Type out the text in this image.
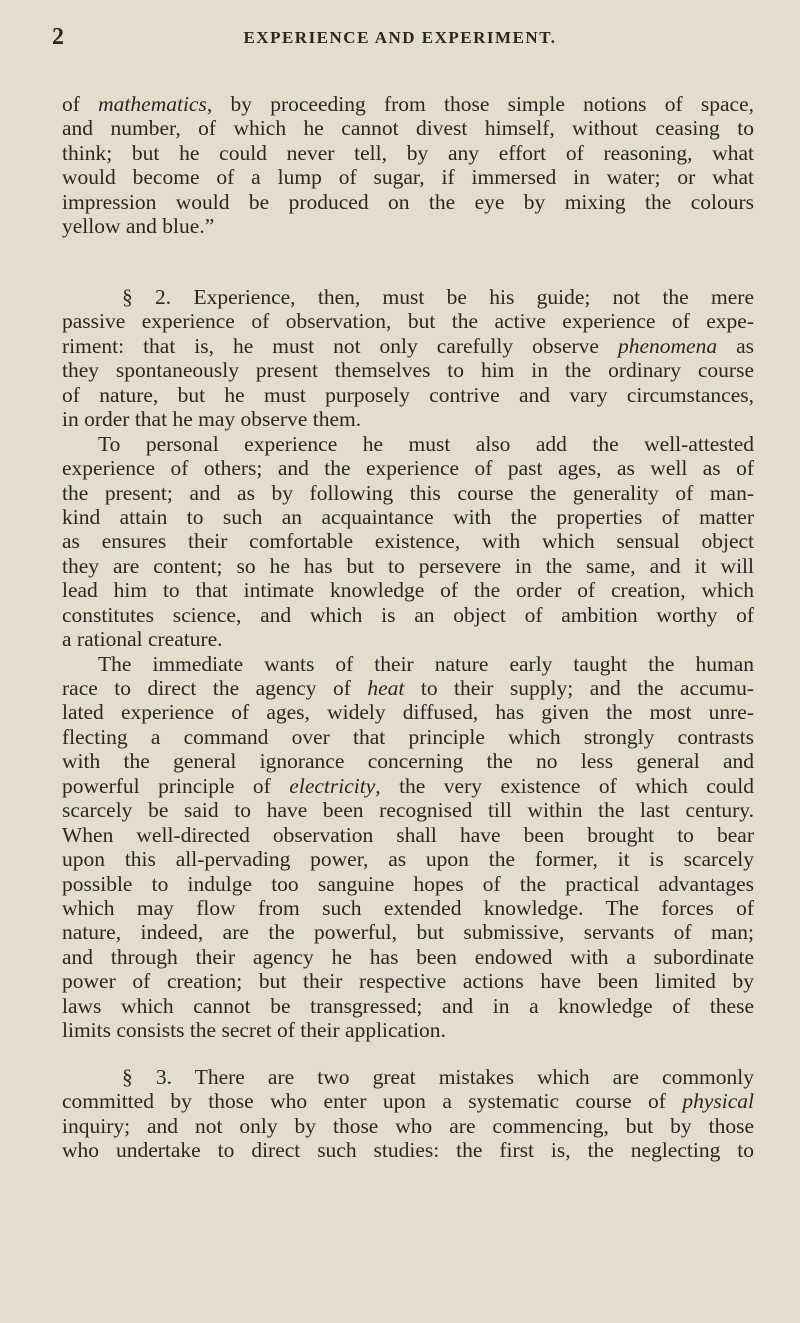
2	EXPERIENCE AND EXPERIMENT.
of mathematics, by proceeding from those simple notions of space,
and number, of which he cannot divest himself, without ceasing to
think; but he could never tell, by any effort of reasoning, what
would become of a lump of sugar, if immersed in water; or what
impression would be produced on the eye by mixing the colours
yellow and blue.”
§ 2. Experience, then, must be his guide; not the mere
passive experience of observation, but the active experience of expe-
riment: that is, he must not only carefully observe phenomena as
they spontaneously present themselves to him in the ordinary course
of nature, but he must purposely contrive and vary circumstances,
in order that he may observe them.
To personal experience he must also add the well-attested
experience of others; and the experience of past ages, as well as of
the present; and as by following this course the generality of man-
kind attain to such an acquaintance with the properties of matter
as ensures their comfortable existence, with which sensual object
they are content; so he has but to persevere in the same, and it will
lead him to that intimate knowledge of the order of creation, which
constitutes science, and which is an object of ambition worthy of
a rational creature.
The immediate wants of their nature early taught the human
race to direct the agency of heat to their supply; and the accumu-
lated experience of ages, widely diffused, has given the most unre-
flecting a command over that principle which strongly contrasts
with the general ignorance concerning the no less general and
powerful principle of electricity, the very existence of which could
scarcely be said to have been recognised till within the last century.
When well-directed observation shall have been brought to bear
upon this all-pervading power, as upon the former, it is scarcely
possible to indulge too sanguine hopes of the practical advantages
which may flow from such extended knowledge. The forces of
nature, indeed, are the powerful, but submissive, servants of man;
and through their agency he has been endowed with a subordinate
power of creation; but their respective actions have been limited by
laws which cannot be transgressed; and in a knowledge of these
limits consists the secret of their application.
§ 3. There are two great mistakes which are commonly
committed by those who enter upon a systematic course of physical
inquiry; and not only by those who are commencing, but by those
who undertake to direct such studies: the first is, the neglecting to
